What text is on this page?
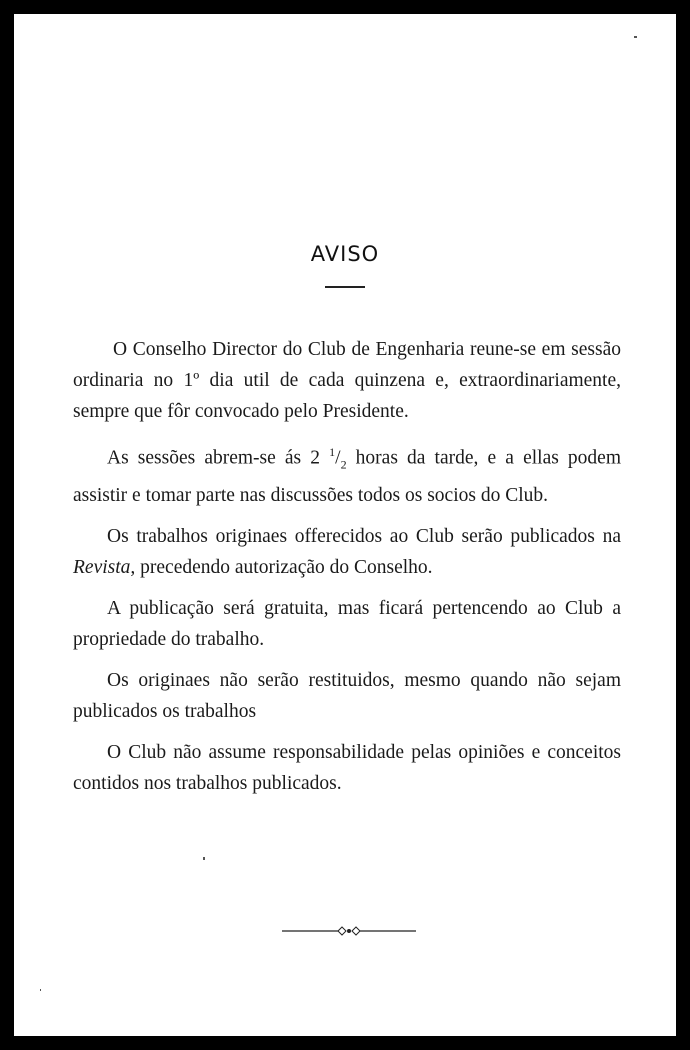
AVISO

O Conselho Director do Club de Engenharia reune-se em sessão ordinaria no 1º dia util de cada quinzena e, extraordinariamente, sempre que fôr convocado pelo Presidente.

As sessões abrem-se ás 2 $^1/_2$ horas da tarde, e a ellas podem assistir e tomar parte nas discussões todos os socios do Club.

Os trabalhos originaes offerecidos ao Club serão publicados na Revista, precedendo autorização do Conselho.

A publicação será gratuita, mas ficará pertencendo ao Club a propriedade do trabalho.

Os originaes não serão restituidos, mesmo quando não sejam publicados os trabalhos

O Club não assume responsabilidade pelas opiniões e conceitos contidos nos trabalhos publicados.
